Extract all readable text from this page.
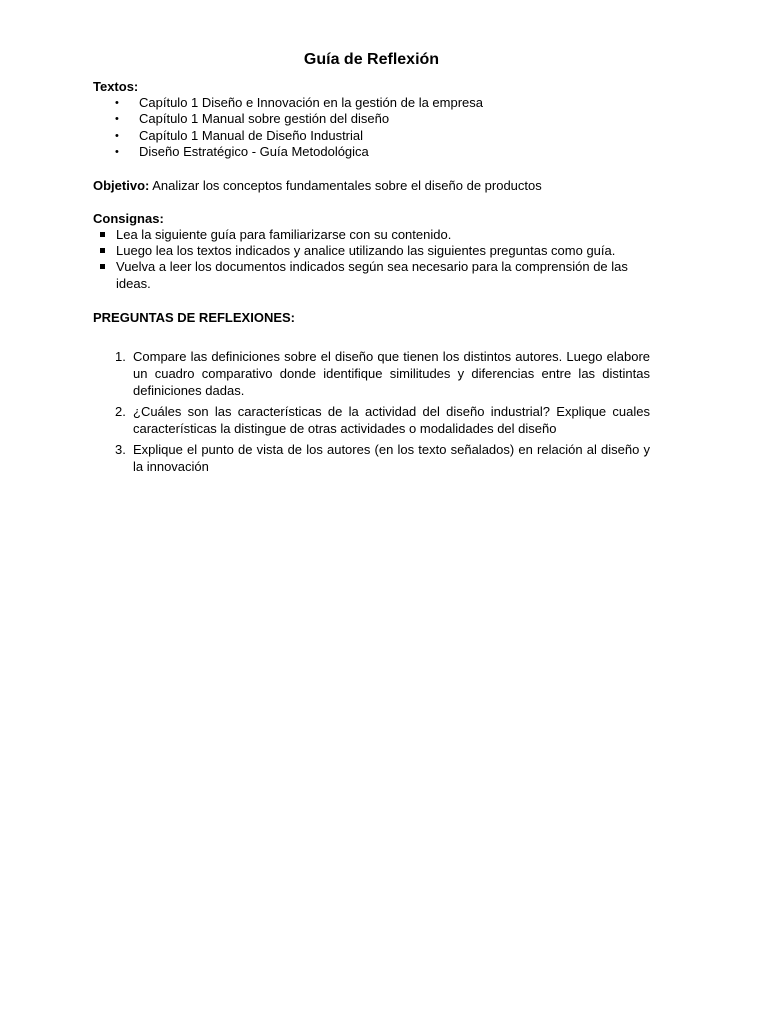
Guía de Reflexión

Textos:

• Capítulo 1 Diseño e Innovación en la gestión de la empresa
• Capítulo 1 Manual sobre gestión del diseño
• Capítulo 1 Manual de Diseño Industrial
• Diseño Estratégico - Guía Metodológica

Objetivo: Analizar los conceptos fundamentales sobre el diseño de productos

Consignas:

Lea la siguiente guía para familiarizarse con su contenido.
Luego lea los textos indicados y analice utilizando las siguientes preguntas como guía.
Vuelva a leer los documentos indicados según sea necesario para la comprensión de las ideas.

PREGUNTAS DE REFLEXIONES:

1. Compare las definiciones sobre el diseño que tienen los distintos autores. Luego elabore un cuadro comparativo donde identifique similitudes y diferencias entre las distintas definiciones dadas.
2. ¿Cuáles son las características de la actividad del diseño industrial? Explique cuales características la distingue de otras actividades o modalidades del diseño
3. Explique el punto de vista de los autores (en los texto señalados) en relación al diseño y la innovación
